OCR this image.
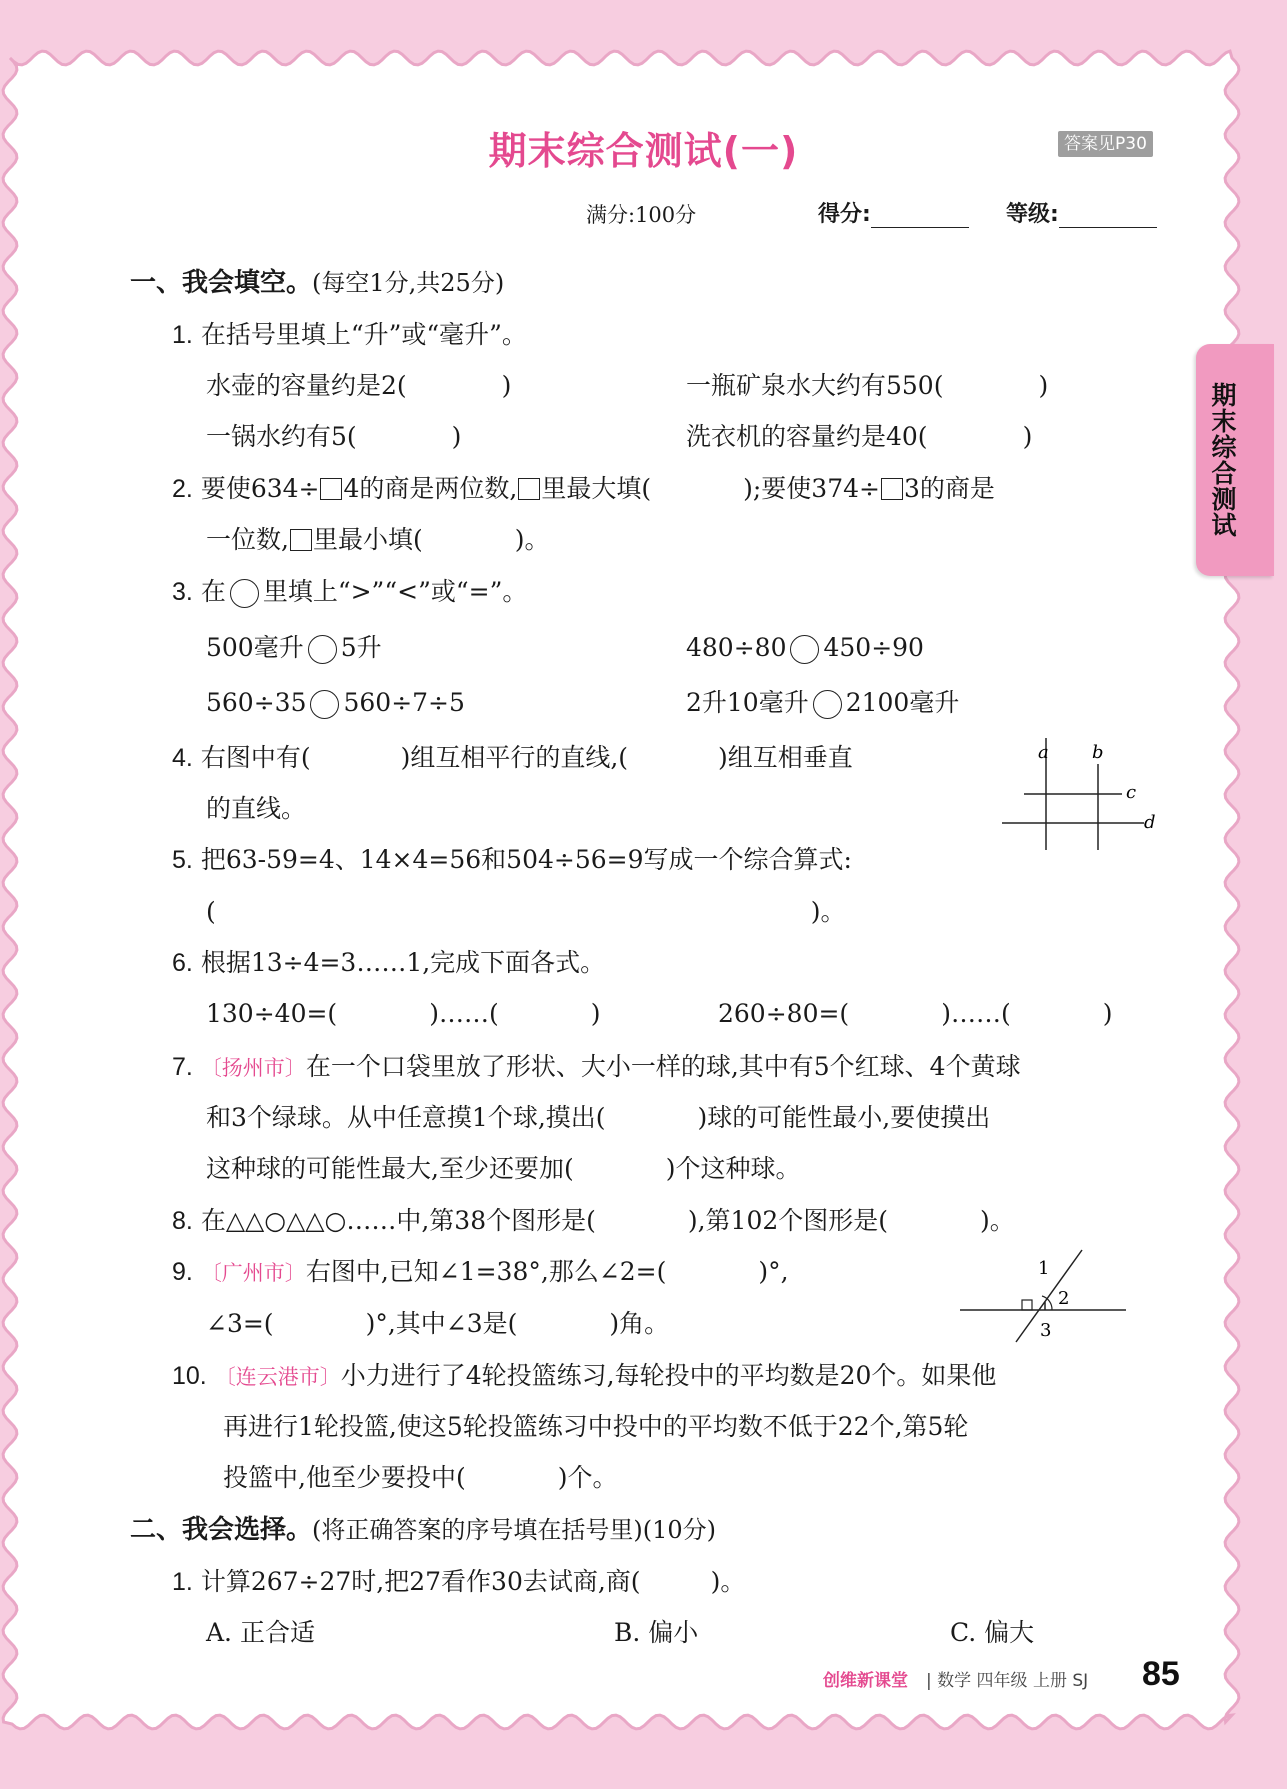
期末综合测试(一)	答案见P30
满分:100分	得分:	等级:
期末综合测试
一、我会填空。(每空1分,共25分)
1. 在括号里填上“升”或“毫升”。
水壶的容量约是2(	)	一瓶矿泉水大约有550(	)
一锅水约有5(	)	洗衣机的容量约是40(	)
2. 要使634÷ 4的商是两位数, 里最大填(	);要使374÷ 3的商是
一位数, 里最小填(	)。
3. 在 里填上“>”“<”或“=”。
500毫升 5升	480÷80 450÷90
560÷35 560÷7÷5	2升10毫升 2100毫升
4. 右图中有(	)组互相平行的直线,(	)组互相垂直
的直线。
a b
c
d
5. 把63-59=4、14×4=56和504÷56=9写成一个综合算式:
(	)。
6. 根据13÷4=3……1,完成下面各式。
130÷40=(	)……(	)	260÷80=(	)……(	)
7. 〔扬州市〕在一个口袋里放了形状、大小一样的球,其中有5个红球、4个黄球
和3个绿球。从中任意摸1个球,摸出(	)球的可能性最小,要使摸出
这种球的可能性最大,至少还要加(	)个这种球。
8. 在△△○△△○……中,第38个图形是(	),第102个图形是(	)。
9. 〔广州市〕右图中,已知∠1=38°,那么∠2=(	)°,
∠3=(	)°,其中∠3是(	)角。
1
2
3
10. 〔连云港市〕小力进行了4轮投篮练习,每轮投中的平均数是20个。如果他
再进行1轮投篮,使这5轮投篮练习中投中的平均数不低于22个,第5轮
投篮中,他至少要投中(	)个。
二、我会选择。(将正确答案的序号填在括号里)(10分)
1. 计算267÷27时,把27看作30去试商,商(	)。
A. 正合适	B. 偏小	C. 偏大
创维新课堂 | 数学 四年级 上册 SJ 85
